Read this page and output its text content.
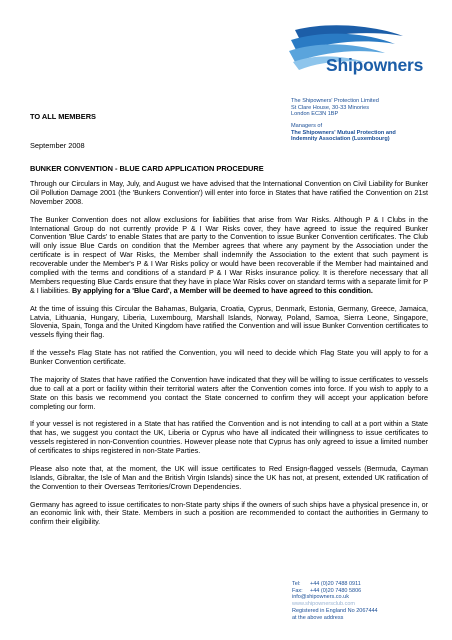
Shipowners
The Shipowners' Protection Limited
St Clare House, 30-33 Minories
London EC3N 1BP
Managers of
The Shipowners' Mutual Protection and
Indemnity Association (Luxembourg)
TO ALL MEMBERS
September 2008
BUNKER CONVENTION - BLUE CARD APPLICATION PROCEDURE

Through our Circulars in May, July, and August we have advised that the International Convention on Civil Liability for Bunker Oil Pollution Damage 2001 (the 'Bunkers Convention') will enter into force in States that have ratified the Convention on 21st November 2008.

The Bunker Convention does not allow exclusions for liabilities that arise from War Risks. Although P & I Clubs in the International Group do not currently provide P & I War Risks cover, they have agreed to issue the required Bunker Convention 'Blue Cards' to enable States that are party to the Convention to issue Bunker Convention certificates. The Club will only issue Blue Cards on condition that the Member agrees that where any payment by the Association under the certificate is in respect of War Risks, the Member shall indemnify the Association to the extent that such payment is recoverable under the Member's P & I War Risks policy or would have been recoverable if the Member had maintained and complied with the terms and conditions of a standard P & I War Risks insurance policy. It is therefore necessary that all Members requesting Blue Cards ensure that they have in place War Risks cover on standard terms with a separate limit for P & I liabilities. By applying for a 'Blue Card', a Member will be deemed to have agreed to this condition.

At the time of issuing this Circular the Bahamas, Bulgaria, Croatia, Cyprus, Denmark, Estonia, Germany, Greece, Jamaica, Latvia, Lithuania, Hungary, Liberia, Luxembourg, Marshall Islands, Norway, Poland, Samoa, Sierra Leone, Singapore, Slovenia, Spain, Tonga and the United Kingdom have ratified the Convention and will issue Bunker Convention certificates to vessels flying their flag.

If the vessel's Flag State has not ratified the Convention, you will need to decide which Flag State you will apply to for a Bunker Convention certificate.

The majority of States that have ratified the Convention have indicated that they will be willing to issue certificates to vessels due to call at a port or facility within their territorial waters after the Convention comes into force. If you wish to apply to a State on this basis we recommend you contact the State concerned to confirm they will accept your application before completing our form.

If your vessel is not registered in a State that has ratified the Convention and is not intending to call at a port within a State that has, we suggest you contact the UK, Liberia or Cyprus who have all indicated their willingness to issue certificates to vessels registered in non-Convention countries. However please note that Cyprus has only agreed to issue a limited number of certificates to ships registered in non-State Parties.

Please also note that, at the moment, the UK will issue certificates to Red Ensign-flagged vessels (Bermuda, Cayman Islands, Gibraltar, the Isle of Man and the British Virgin Islands) since the UK has not, at present, extended UK ratification of the Convention to their Overseas Territories/Crown Dependencies.

Germany has agreed to issue certificates to non-State party ships if the owners of such ships have a physical presence in, or an economic link with, their State. Members in such a position are recommended to contact the authorities in Germany to confirm their eligibility.

Tel: +44 (0)20 7488 0911
Fax: +44 (0)20 7480 5806
info@shipowners.co.uk
www.shipownersclub.com
Registered in England No 2067444
at the above address
